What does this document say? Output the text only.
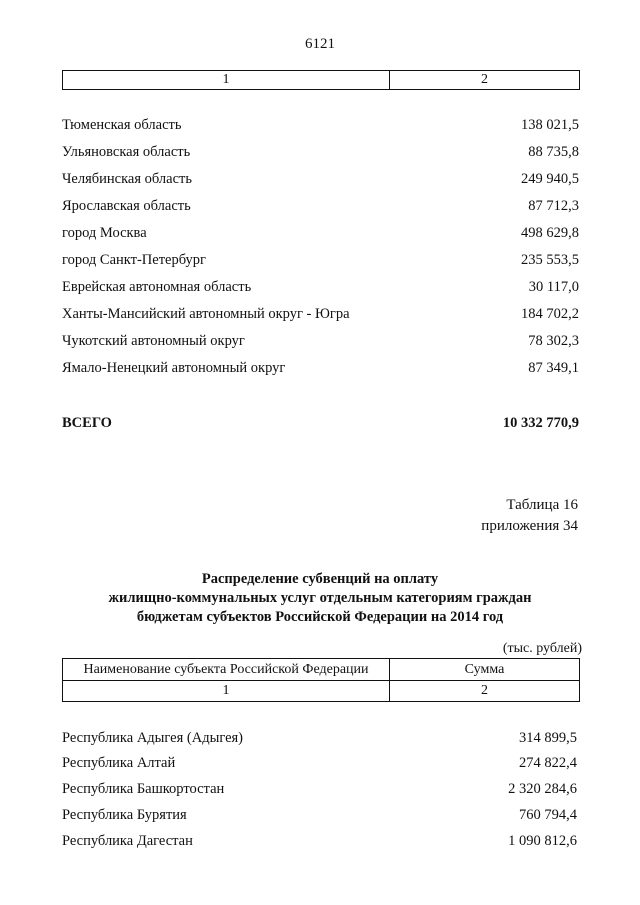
6121
1	2
Тюменская область	138 021,5
Ульяновская область	88 735,8
Челябинская область	249 940,5
Ярославская область	87 712,3
город Москва	498 629,8
город Санкт-Петербург	235 553,5
Еврейская автономная область	30 117,0
Ханты-Мансийский автономный округ - Югра	184 702,2
Чукотский автономный округ	78 302,3
Ямало-Ненецкий автономный округ	87 349,1
ВСЕГО	10 332 770,9
Таблица 16
приложения 34
Распределение субвенций на оплату
жилищно-коммунальных услуг отдельным категориям граждан
бюджетам субъектов Российской Федерации на 2014 год
(тыс. рублей)
Наименование субъекта Российской Федерации	Сумма
1	2
Республика Адыгея (Адыгея)	314 899,5
Республика Алтай	274 822,4
Республика Башкортостан	2 320 284,6
Республика Бурятия	760 794,4
Республика Дагестан	1 090 812,6
